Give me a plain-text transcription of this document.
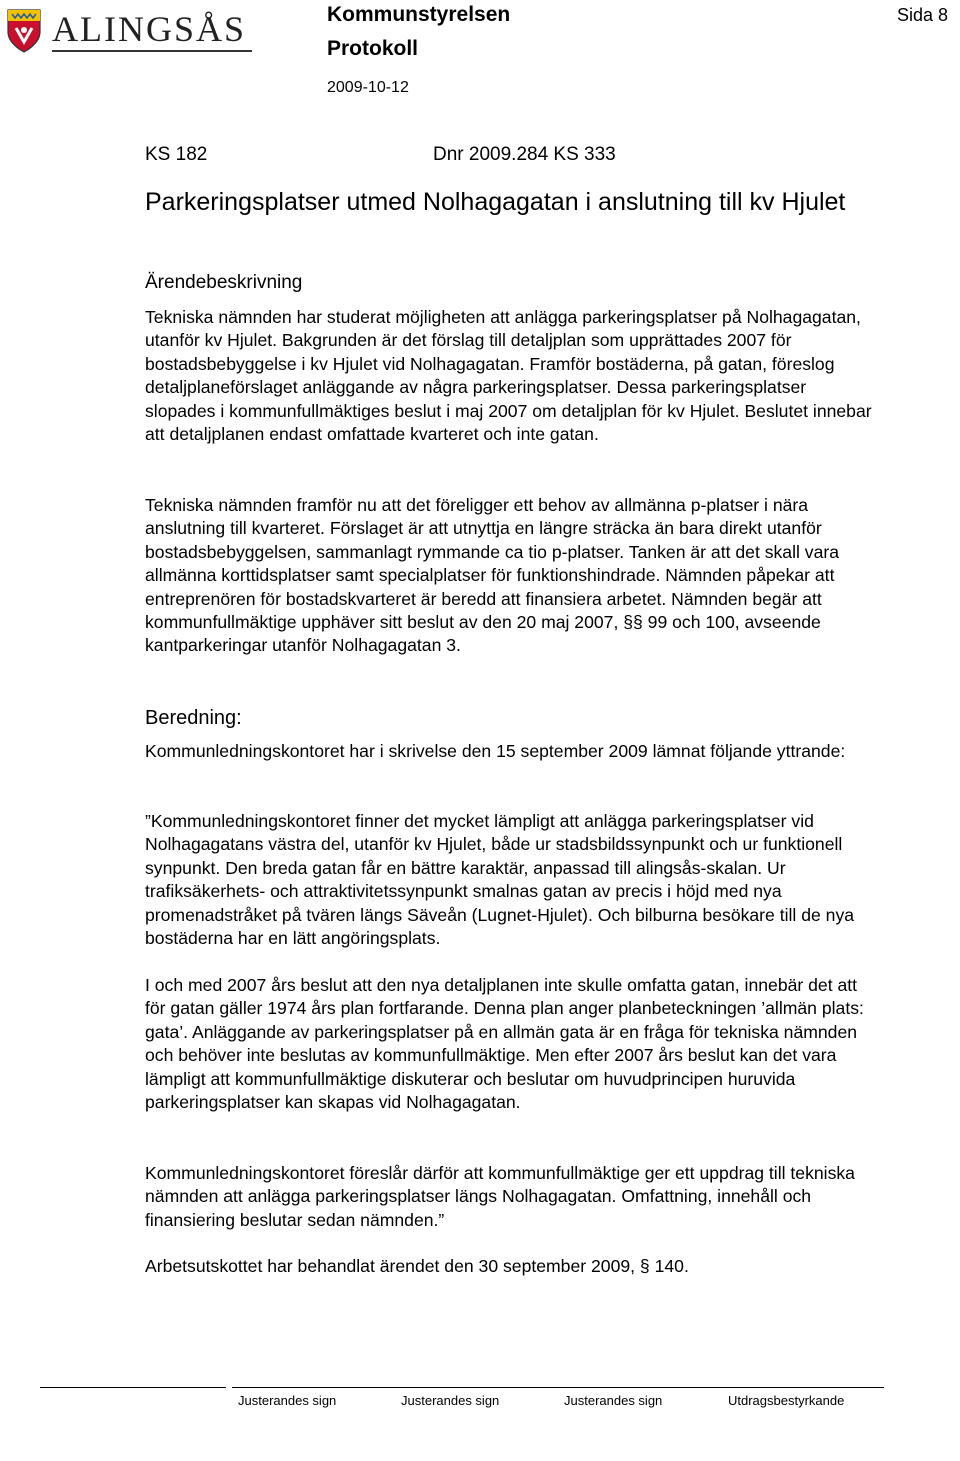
ALINGSÅS	Kommunstyrelsen
Protokoll
2009-10-12
Sida 8
KS 182	Dnr 2009.284 KS 333
Parkeringsplatser utmed Nolhagagatan i anslutning till kv Hjulet
Ärendebeskrivning

Tekniska nämnden har studerat möjligheten att anlägga parkeringsplatser på Nolhagagatan, utanför kv Hjulet. Bakgrunden är det förslag till detaljplan som upprättades 2007 för bostadsbebyggelse i kv Hjulet vid Nolhagagatan. Framför bostäderna, på gatan, föreslog detaljplaneförslaget anläggande av några parkeringsplatser. Dessa parkeringsplatser slopades i kommunfullmäktiges beslut i maj 2007 om detaljplan för kv Hjulet. Beslutet innebar att detaljplanen endast omfattade kvarteret och inte gatan.

Tekniska nämnden framför nu att det föreligger ett behov av allmänna p-platser i nära anslutning till kvarteret. Förslaget är att utnyttja en längre sträcka än bara direkt utanför bostadsbebyggelsen, sammanlagt rymmande ca tio p-platser. Tanken är att det skall vara allmänna korttidsplatser samt specialplatser för funktionshindrade. Nämnden påpekar att entreprenören för bostadskvarteret är beredd att finansiera arbetet. Nämnden begär att kommunfullmäktige upphäver sitt beslut av den 20 maj 2007, §§ 99 och 100, avseende kantparkeringar utanför Nolhagagatan 3.

Beredning:

Kommunledningskontoret har i skrivelse den 15 september 2009 lämnat följande yttrande:

”Kommunledningskontoret finner det mycket lämpligt att anlägga parkeringsplatser vid Nolhagagatans västra del, utanför kv Hjulet, både ur stadsbildssynpunkt och ur funktionell synpunkt. Den breda gatan får en bättre karaktär, anpassad till alingsås-skalan. Ur trafiksäkerhets- och attraktivitetssynpunkt smalnas gatan av precis i höjd med nya promenadstråket på tvären längs Säveån (Lugnet-Hjulet). Och bilburna besökare till de nya bostäderna har en lätt angöringsplats.

I och med 2007 års beslut att den nya detaljplanen inte skulle omfatta gatan, innebär det att för gatan gäller 1974 års plan fortfarande. Denna plan anger planbeteckningen ’allmän plats: gata’. Anläggande av parkeringsplatser på en allmän gata är en fråga för tekniska nämnden och behöver inte beslutas av kommunfullmäktige. Men efter 2007 års beslut kan det vara lämpligt att kommunfullmäktige diskuterar och beslutar om huvudprincipen huruvida parkeringsplatser kan skapas vid Nolhagagatan.

Kommunledningskontoret föreslår därför att kommunfullmäktige ger ett uppdrag till tekniska nämnden att anlägga parkeringsplatser längs Nolhagagatan. Omfattning, innehåll och finansiering beslutar sedan nämnden.”

Arbetsutskottet har behandlat ärendet den 30 september 2009, § 140.

Justerandes sign	Justerandes sign	Justerandes sign	Utdragsbestyrkande
